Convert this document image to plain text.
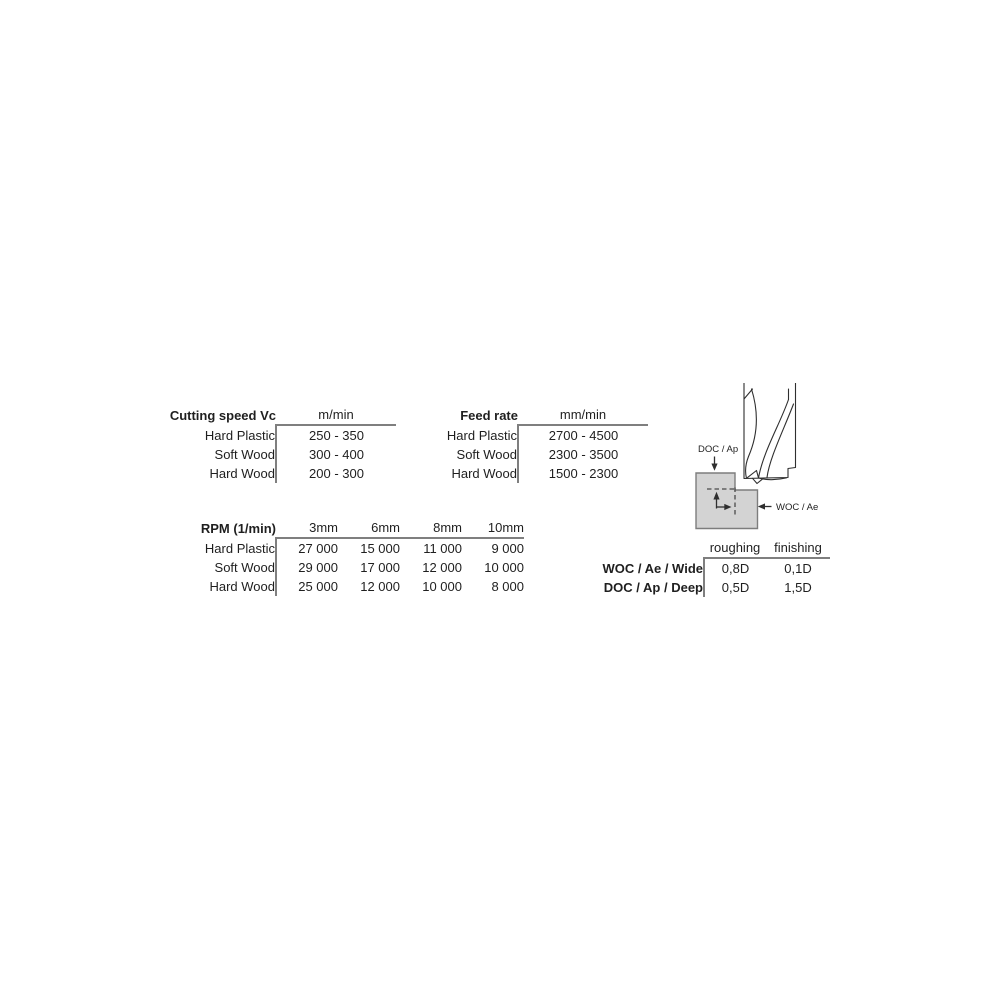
Cutting speed Vc	m/min
Hard Plastic	250 - 350
Soft Wood	300 - 400
Hard Wood	200 - 300
Feed rate	mm/min
Hard Plastic	2700 - 4500
Soft Wood	2300 - 3500
Hard Wood	1500 - 2300
RPM (1/min)	3mm	6mm	8mm	10mm
Hard Plastic	27 000	15 000	11 000	9 000
Soft Wood	29 000	17 000	12 000	10 000
Hard Wood	25 000	12 000	10 000	8 000
	roughing	finishing
WOC / Ae / Wide	0,8D	0,1D
DOC / Ap / Deep	0,5D	1,5D
DOC / Ap
WOC / Ae
